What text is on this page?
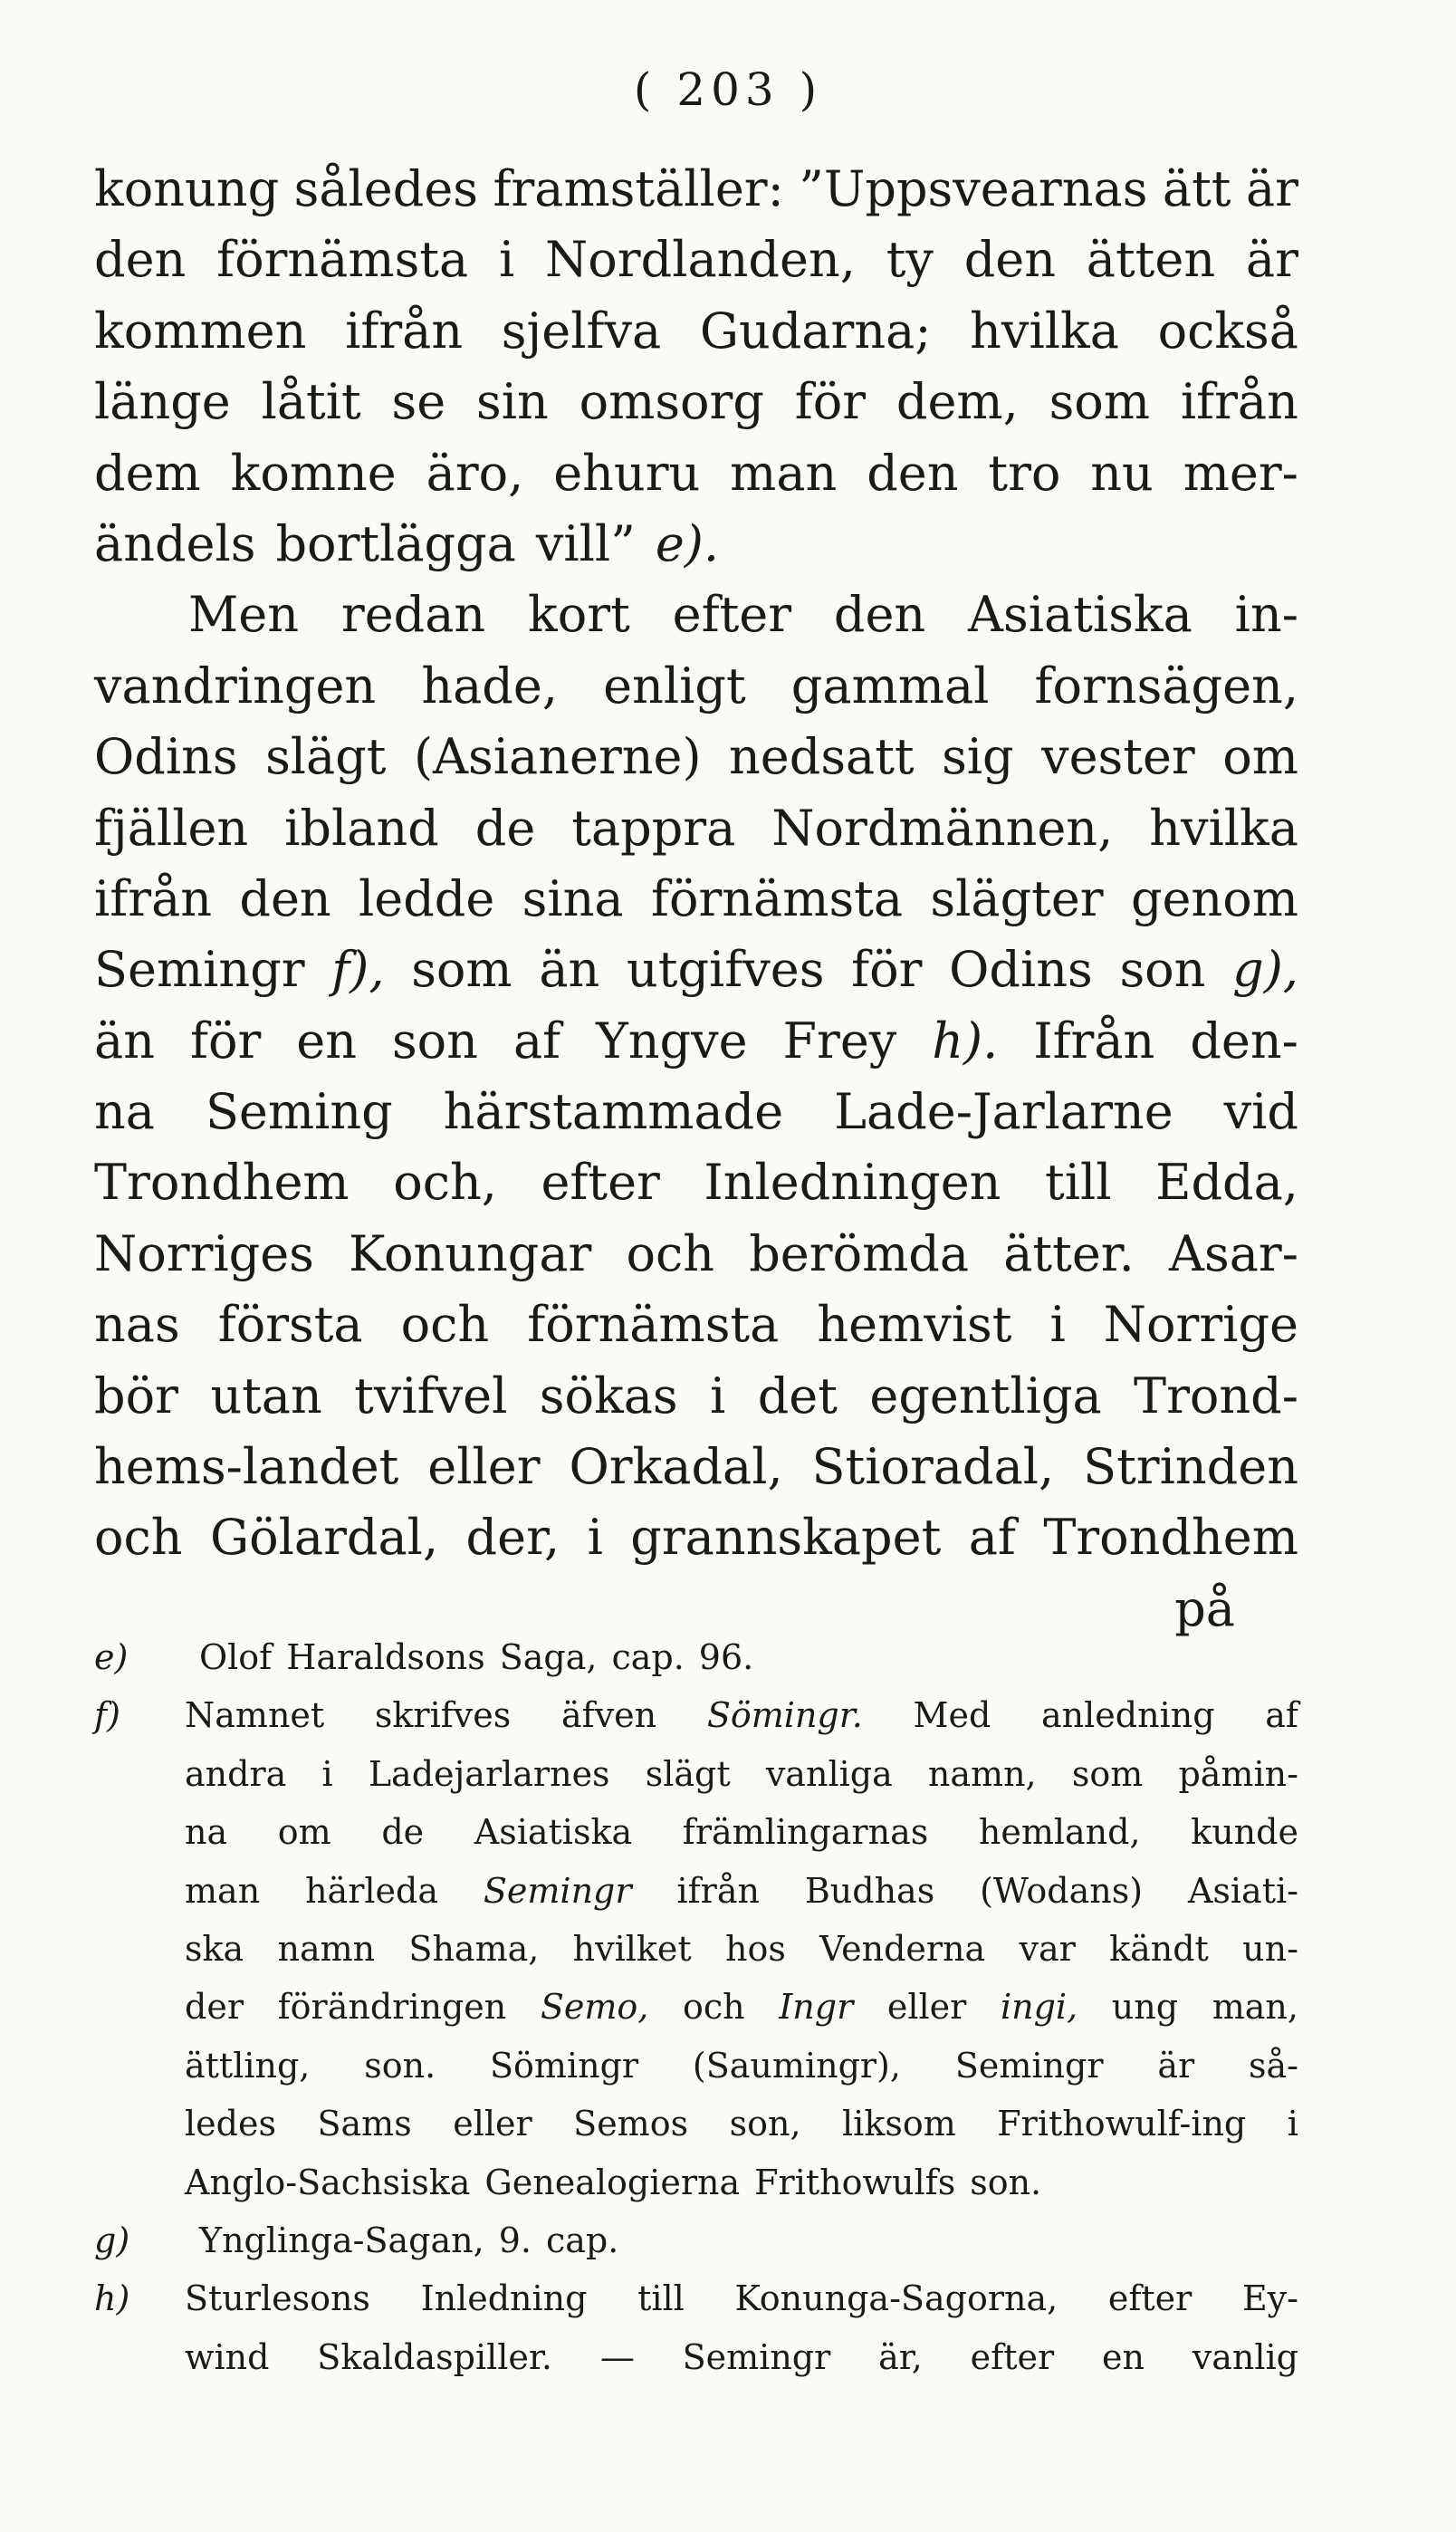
( 203 )
konung således framställer: ”Uppsvearnas ätt är
den förnämsta i Nordlanden, ty den ätten är
kommen ifrån sjelfva Gudarna; hvilka också
länge låtit se sin omsorg för dem, som ifrån
dem komne äro, ehuru man den tro nu mer-
ändels bortlägga vill” e).
Men redan kort efter den Asiatiska in-
vandringen hade, enligt gammal fornsägen,
Odins slägt (Asianerne) nedsatt sig vester om
fjällen ibland de tappra Nordmännen, hvilka
ifrån den ledde sina förnämsta slägter genom
Semingr f), som än utgifves för Odins son g),
än för en son af Yngve Frey h). Ifrån den-
na Seming härstammade Lade-Jarlarne vid
Trondhem och, efter Inledningen till Edda,
Norriges Konungar och berömda ätter. Asar-
nas första och förnämsta hemvist i Norrige
bör utan tvifvel sökas i det egentliga Trond-
hems-landet eller Orkadal, Stioradal, Strinden
och Gölardal, der, i grannskapet af Trondhem
på
e)	Olof Haraldsons Saga, cap. 96.
f)	Namnet skrifves äfven Sömingr. Med anledning af
andra i Ladejarlarnes slägt vanliga namn, som påmin-
na om de Asiatiska främlingarnas hemland, kunde
man härleda Semingr ifrån Budhas (Wodans) Asiati-
ska namn Shama, hvilket hos Venderna var kändt un-
der förändringen Semo, och Ingr eller ingi, ung man,
ättling, son. Sömingr (Saumingr), Semingr är så-
ledes Sams eller Semos son, liksom Frithowulf-ing i
Anglo-Sachsiska Genealogierna Frithowulfs son.
g)	Ynglinga-Sagan, 9. cap.
h)	Sturlesons Inledning till Konunga-Sagorna, efter Ey-
wind Skaldaspiller. — Semingr är, efter en vanlig
